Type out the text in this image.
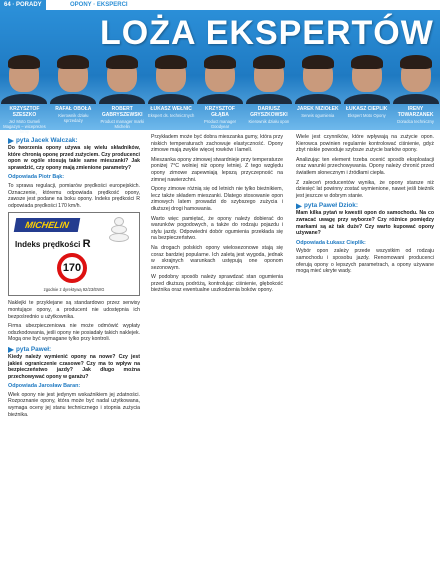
64 · PORADY	OPONY · EKSPERCI
LOŻA EKSPERTÓW
KRZYSZTOF SZESZKO
Jeż Moto Gumeli Magazyn – wiceprezes firmy
RAFAŁ OBOŁA
Kierownik działu sprzedaży
ROBERT GABRYSZEWSKI
Product manager marki Michelin
ŁUKASZ WEŁNIC
Ekspert ds. technicznych
KRZYSZTOF GŁĄBA
Product manager Goodyear
DARIUSZ GRYSZKOWSKI
Kierownik działu opon
JAREK NIZIOŁEK
Serwis ogumienia
ŁUKASZ CIEPLIK
Ekspert Moto Opony
IRENY TOWARZANEK
Doradca techniczny
pyta Jacek Walczak:
Do tworzenia opony używa się wielu składników, które chronią oponę przed zużyciem. Czy producenci opon w ogóle stosują takie same mieszanki? Jak sprawdzić, czy opony mają zmienione parametry?
Odpowiada Piotr Bąk:
To sprawa regulacji, pomiarów prędkości europejskich. Oznaczenie, któremu odpowiada prędkość opony, zawsze jest podane na boku opony. Indeks prędkości R odpowiada prędkości 170 km/h.
MICHELIN
Indeks prędkości R
170
zgodnie z dyrektywą 92/23/EWG
Naklejki te przyklejane są standardowo przez serwisy montujące opony, a producent nie udostępnia ich bezpośrednio u użytkownika.
Firma ubezpieczeniowa nie może odmówić wypłaty odszkodowania, jeśli opony nie posiadały takich naklejek. Mogą one być wymagane tylko przy kontroli.
pyta Paweł:
Kiedy należy wymienić opony na nowe? Czy jest jakieś ograniczenie czasowe? Czy ma to wpływ na bezpieczeństwo jazdy? Jak długo można przechowywać opony w garażu?
Odpowiada Jarosław Baran:
Wiek opony nie jest jedynym wskaźnikiem jej zdatności. Rozpoznanie opony, która może być nadal użytkowana, wymaga oceny jej stanu technicznego i stopnia zużycia bieżnika.
Przykładem może być dobra mieszanka gumy, która przy niskich temperaturach zachowuje elastyczność. Opony zimowe mają zwykle więcej rowków i lameli.
Mieszanka opony zimowej stwardnieje przy temperaturze poniżej 7°C wolniej niż opony letniej. Z tego względu opony zimowe zapewniają lepszą przyczepność na zimnej nawierzchni.
Opony zimowe różnią się od letnich nie tylko bieżnikiem, lecz także składem mieszanki. Dlatego stosowanie opon zimowych latem prowadzi do szybszego zużycia i dłuższej drogi hamowania.
Warto więc pamiętać, że opony należy dobierać do warunków pogodowych, a także do rodzaju pojazdu i stylu jazdy. Odpowiedni dobór ogumienia przekłada się na bezpieczeństwo.
Na drogach polskich opony wielosezonowe stają się coraz bardziej popularne. Ich zaletą jest wygoda, jednak w skrajnych warunkach ustępują one oponom sezonowym.
W podobny sposób należy sprawdzać stan ogumienia przed dłuższą podróżą, kontrolując ciśnienie, głębokość bieżnika oraz ewentualne uszkodzenia boków opony.
Wiele jest czynników, które wpływają na zużycie opon. Kierowca powinien regularnie kontrolować ciśnienie, gdyż zbyt niskie powoduje szybsze zużycie barków opony.
Analizując ten element trzeba ocenić sposób eksploatacji oraz warunki przechowywania. Opony należy chronić przed światłem słonecznym i źródłami ciepła.
Z zaleceń producentów wynika, że opony starsze niż dziesięć lat powinny zostać wymienione, nawet jeśli bieżnik jest jeszcze w dobrym stanie.
pyta Paweł Dziok:
Mam kilka pytań w kwestii opon do samochodu. Na co zwracać uwagę przy wyborze? Czy różnice pomiędzy markami są aż tak duże? Czy warto kupować opony używane?
Odpowiada Łukasz Cieplik:
Wybór opon zależy przede wszystkim od rodzaju samochodu i sposobu jazdy. Renomowani producenci oferują opony o lepszych parametrach, a opony używane mogą mieć ukryte wady.
